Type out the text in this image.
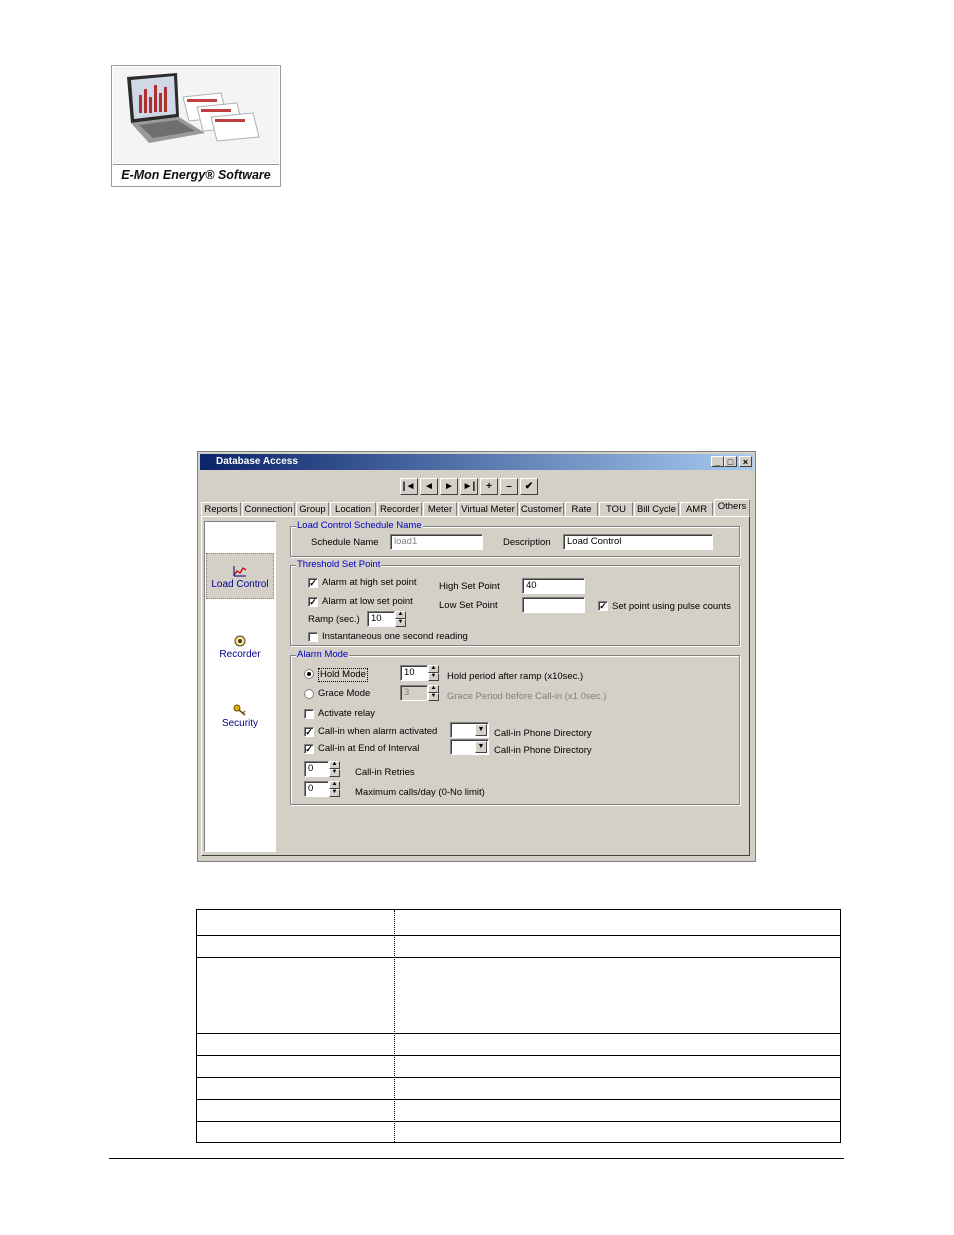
E-Mon Energy® Software
Database Access	_ □	×
|◄ ◄	► ►|	+	–	✔
Reports Connection Group Location Recorder Meter Virtual Meter Customer Rate	TOU	Bill Cycle	AMR	Others
Load Control
Recorder
Security
Load Control Schedule Name
Schedule Name	load1	Description	Load Control
Threshold Set Point
✓ Alarm at high set point
✓ Alarm at low set point
Ramp (sec.)	10	▲
▼
Instantaneous one second reading
High Set Point	40
Low Set Point	✓ Set point using pulse counts
Alarm Mode
Hold Mode	10	▲
▼ Hold period after ramp (x10sec.)
Grace Mode	3	▲
▼ Grace Period before Call-in (x1 0sec.)
Activate relay
✓ Call-in when alarm activated	▼ Call-in Phone Directory
✓ Call-in at End of Interval	▼ Call-in Phone Directory
0	▲
▼ Call-in Retries
0	▲
▼ Maximum calls/day (0-No limit)
